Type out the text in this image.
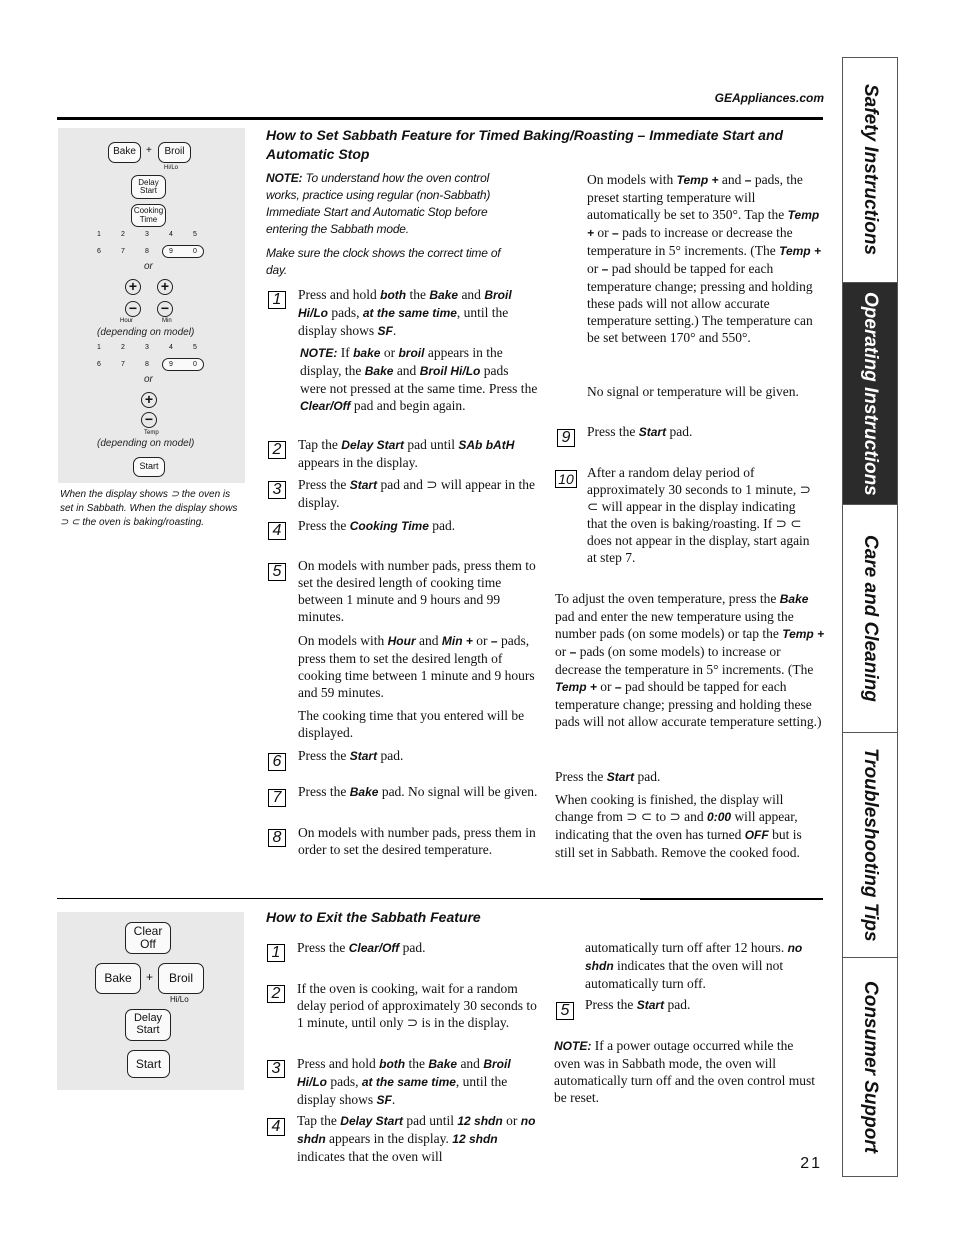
GEAppliances.com
Bake	+	Broil
Hi/Lo
Delay Start
Cooking Time
1	2	3	4	5
6	7	8	9	0
or
+ +
− −
Hour	Min
(depending on model)
1	2	3	4	5
6	7	8	9	0
or
+
−
Temp
(depending on model)
Start
When the display shows ⊃ the oven is set in Sabbath. When the display shows ⊃ ⊂ the oven is baking/roasting.
How to Set Sabbath Feature for Timed Baking/Roasting – Immediate Start and Automatic Stop
NOTE: To understand how the oven control works, practice using regular (non-Sabbath) Immediate Start and Automatic Stop before entering the Sabbath mode.
Make sure the clock shows the correct time of day.
1	Press and hold both the Bake and Broil Hi/Lo pads, at the same time, until the display shows SF.
NOTE: If bake or broil appears in the display, the Bake and Broil Hi/Lo pads were not pressed at the same time. Press the Clear/Off pad and begin again.
2	Tap the Delay Start pad until SAb bAtH appears in the display.
3	Press the Start pad and ⊃ will appear in the display.
4	Press the Cooking Time pad.
5	On models with number pads, press them to set the desired length of cooking time between 1 minute and 9 hours and 99 minutes.
On models with Hour and Min + or – pads, press them to set the desired length of cooking time between 1 minute and 9 hours and 59 minutes.
The cooking time that you entered will be displayed.
6	Press the Start pad.
7	Press the Bake pad. No signal will be given.
8	On models with number pads, press them in order to set the desired temperature.
On models with Temp + and – pads, the preset starting temperature will automatically be set to 350°. Tap the Temp + or – pads to increase or decrease the temperature in 5° increments. (The Temp + or – pad should be tapped for each temperature change; pressing and holding these pads will not allow accurate temperature setting.) The temperature can be set between 170° and 550°.
No signal or temperature will be given.
9	Press the Start pad.
10 After a random delay period of approximately 30 seconds to 1 minute, ⊃ ⊂ will appear in the display indicating that the oven is baking/roasting. If ⊃ ⊂ does not appear in the display, start again at step 7.
To adjust the oven temperature, press the Bake pad and enter the new temperature using the number pads (on some models) or tap the Temp + or – pads (on some models) to increase or decrease the temperature in 5° increments. (The Temp + or – pad should be tapped for each temperature change; pressing and holding these pads will not allow accurate temperature setting.)
Press the Start pad.
When cooking is finished, the display will change from ⊃ ⊂ to ⊃ and 0:00 will appear, indicating that the oven has turned OFF but is still set in Sabbath. Remove the cooked food.
Clear Off
Bake	+	Broil
Hi/Lo
Delay Start
Start
How to Exit the Sabbath Feature
1	Press the Clear/Off pad.
2	If the oven is cooking, wait for a random delay period of approximately 30 seconds to 1 minute, until only ⊃ is in the display.
3	Press and hold both the Bake and Broil Hi/Lo pads, at the same time, until the display shows SF.
4	Tap the Delay Start pad until 12 shdn or no shdn appears in the display. 12 shdn indicates that the oven will
automatically turn off after 12 hours. no shdn indicates that the oven will not automatically turn off.
5	Press the Start pad.
NOTE: If a power outage occurred while the oven was in Sabbath mode, the oven will automatically turn off and the oven control must be reset.
21
Safety Instructions
Operating Instructions
Care and Cleaning
Troubleshooting Tips
Consumer Support
